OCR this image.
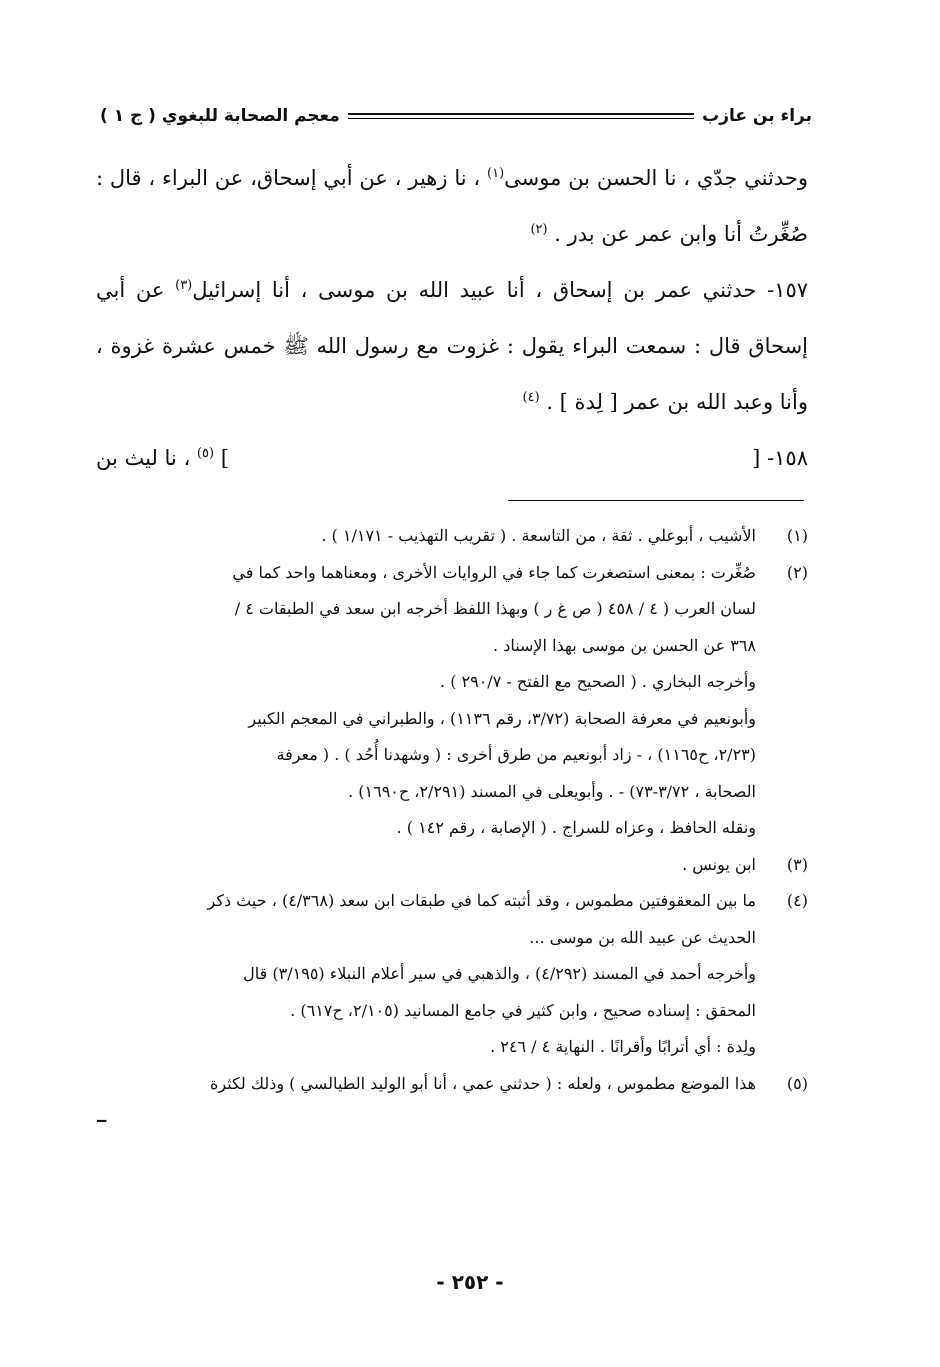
براء بن عازب
معجم الصحابة للبغوي ( ج ١ )

وحدثني جدّي ، نا الحسن بن موسى$^{(١)}$ ، نا زهير ، عن أبي إسحاق، عن البراء ، قال : صُغِّرتُ أنا وابن عمر عن بدر . $^{(٢)}$

١٥٧- حدثني عمر بن إسحاق ، أنا عبيد الله بن موسى ، أنا إسرائيل$^{(٣)}$ عن أبي إسحاق قال : سمعت البراء يقول : غزوت مع رسول الله ﷺ خمس عشرة غزوة ، وأنا وعبد الله بن عمر [ لِدة ] . $^{(٤)}$

١٥٨- [
] $^{(٥)}$ ، نا ليث بن
(١)
الأشيب ، أبوعلي . ثقة ، من التاسعة . ( تقريب التهذيب - ١/١٧١ ) .
(٢)
صُغِّرت : بمعنى استصغرت كما جاء في الروايات الأخرى ، ومعناهما واحد كما في
لسان العرب ( ٤ / ٤٥٨ ( ص غ ر ) وبهذا اللفظ أخرجه ابن سعد في الطبقات ٤ /
٣٦٨ عن الحسن بن موسى بهذا الإسناد .
وأخرجه البخاري . ( الصحيح مع الفتح - ٢٩٠/٧ ) .
وأبونعيم في معرفة الصحابة (٣/٧٢، رقم ١١٣٦) ، والطبراني في المعجم الكبير
(٢/٢٣، ح١١٦٥) ، - زاد أبونعيم من طرق أخرى : ( وشهدنا أُحُد ) . ( معرفة
الصحابة ، ٣/٧٢-٧٣) - . وأبويعلى في المسند (٢/٢٩١، ح١٦٩٠) .
ونقله الحافظ ، وعزاه للسراج . ( الإصابة ، رقم ١٤٢ ) .
(٣)
ابن يونس .
(٤)
ما بين المعقوفتين مطموس ، وقد أثبته كما في طبقات ابن سعد (٤/٣٦٨) ، حيث ذكر
الحديث عن عبيد الله بن موسى ...
وأخرجه أحمد في المسند (٤/٢٩٢) ، والذهبي في سير أعلام النبلاء (٣/١٩٥) قال
المحقق : إسناده صحيح ، وابن كثير في جامع المسانيد (٢/١٠٥، ح٦١٧) .
ولِدة : أي أترابًا وأقرانًا . النهاية ٤ / ٢٤٦ .
(٥)
هذا الموضع مطموس ، ولعله : ( حدثني عمي ، أنا أبو الوليد الطيالسي ) وذلك لكثرة
--
- ٢٥٢ -
